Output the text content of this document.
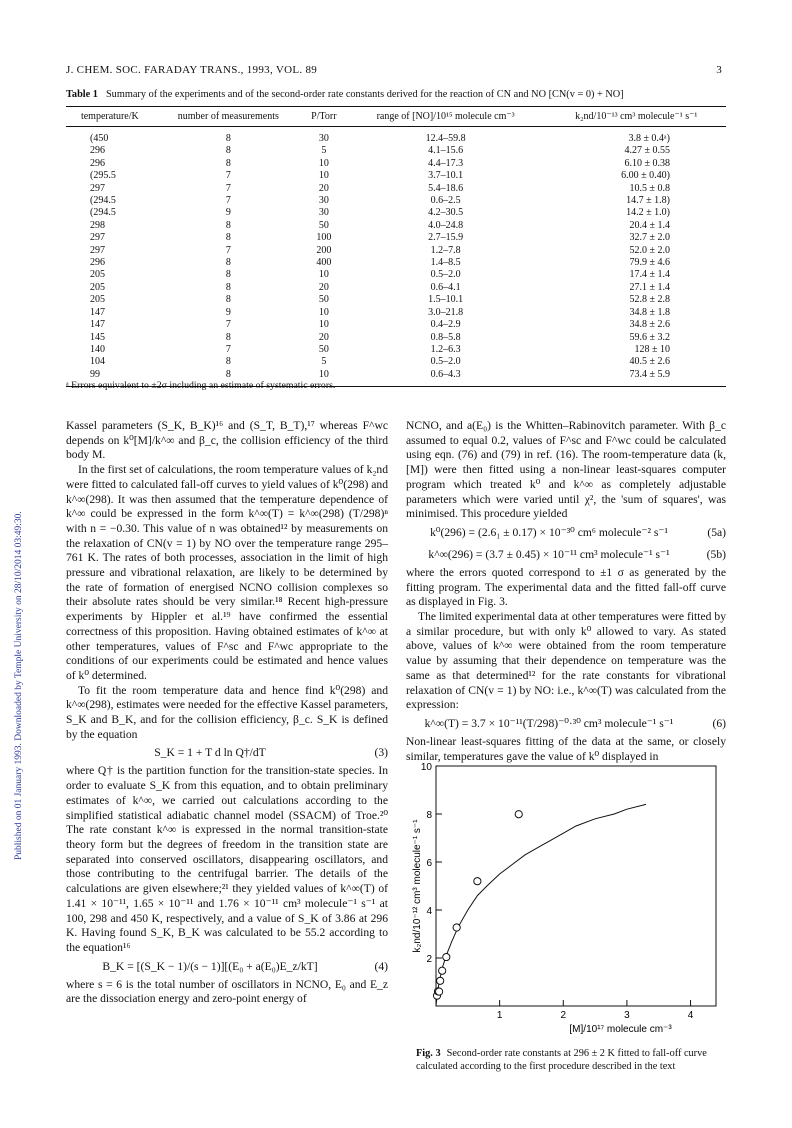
Published on 01 January 1993. Downloaded by Temple University on 28/10/2014 03:49:30.
J. CHEM. SOC. FARADAY TRANS., 1993, VOL. 89	3
Table 1 Summary of the experiments and of the second-order rate constants derived for the reaction of CN and NO [CN(v = 0) + NO]
temperature/K	number of measurements	P/Torr	range of [NO]/10¹⁵ molecule cm⁻³	k₂nd/10⁻¹³ cm³ molecule⁻¹ s⁻¹
(450	8	30	12.4–59.8	3.8 ± 0.4ᵃ)
296	8	5	4.1–15.6	4.27 ± 0.55
296	8	10	4.4–17.3	6.10 ± 0.38
(295.5	7	10	3.7–10.1	6.00 ± 0.40)
297	7	20	5.4–18.6	10.5 ± 0.8
(294.5	7	30	0.6–2.5	14.7 ± 1.8)
(294.5	9	30	4.2–30.5	14.2 ± 1.0)
298	8	50	4.0–24.8	20.4 ± 1.4
297	8	100	2.7–15.9	32.7 ± 2.0
297	7	200	1.2–7.8	52.0 ± 2.0
296	8	400	1.4–8.5	79.9 ± 4.6
205	8	10	0.5–2.0	17.4 ± 1.4
205	8	20	0.6–4.1	27.1 ± 1.4
205	8	50	1.5–10.1	52.8 ± 2.8
147	9	10	3.0–21.8	34.8 ± 1.8
147	7	10	0.4–2.9	34.8 ± 2.6
145	8	20	0.8–5.8	59.6 ± 3.2
140	7	50	1.2–6.3	128 ± 10
104	8	5	0.5–2.0	40.5 ± 2.6
99	8	10	0.6–4.3	73.4 ± 5.9
ᵃ Errors equivalent to ±2σ including an estimate of systematic errors.

Kassel parameters (S_K, B_K)¹⁶ and (S_T, B_T),¹⁷ whereas F^wc depends on k⁰[M]/k^∞ and β_c, the collision efficiency of the third body M.

In the first set of calculations, the room temperature values of k₂nd were fitted to calculated fall-off curves to yield values of k⁰(298) and k^∞(298). It was then assumed that the temperature dependence of k^∞ could be expressed in the form k^∞(T) = k^∞(298) (T/298)ⁿ with n = −0.30. This value of n was obtained¹² by measurements on the relaxation of CN(v = 1) by NO over the temperature range 295–761 K. The rates of both processes, association in the limit of high pressure and vibrational relaxation, are likely to be determined by the rate of formation of energised NCNO collision complexes so their absolute rates should be very similar.¹⁸ Recent high-pressure experiments by Hippler et al.¹⁹ have confirmed the essential correctness of this proposition. Having obtained estimates of k^∞ at other temperatures, values of F^sc and F^wc appropriate to the conditions of our experiments could be estimated and hence values of k⁰ determined.

To fit the room temperature data and hence find k⁰(298) and k^∞(298), estimates were needed for the effective Kassel parameters, S_K and B_K, and for the collision efficiency, β_c. S_K is defined by the equation

S_K = 1 + T d ln Q†/dT	(3)

where Q† is the partition function for the transition-state species. In order to evaluate S_K from this equation, and to obtain preliminary estimates of k^∞, we carried out calculations according to the simplified statistical adiabatic channel model (SSACM) of Troe.²⁰ The rate constant k^∞ is expressed in the normal transition-state theory form but the degrees of freedom in the transition state are separated into conserved oscillators, disappearing oscillators, and those contributing to the centrifugal barrier. The details of the calculations are given elsewhere;²¹ they yielded values of k^∞(T) of 1.41 × 10⁻¹¹, 1.65 × 10⁻¹¹ and 1.76 × 10⁻¹¹ cm³ molecule⁻¹ s⁻¹ at 100, 298 and 450 K, respectively, and a value of S_K of 3.86 at 296 K. Having found S_K, B_K was calculated to be 55.2 according to the equation¹⁶

B_K = [(S_K − 1)/(s − 1)][(E₀ + a(E₀)E_z/kT]	(4)

where s = 6 is the total number of oscillators in NCNO, E₀ and E_z are the dissociation energy and zero-point energy of

NCNO, and a(E₀) is the Whitten–Rabinovitch parameter. With β_c assumed to equal 0.2, values of F^sc and F^wc could be calculated using eqn. (76) and (79) in ref. (16). The room-temperature data (k, [M]) were then fitted using a non-linear least-squares computer program which treated k⁰ and k^∞ as completely adjustable parameters which were varied until χ², the 'sum of squares', was minimised. This procedure yielded

k⁰(296) = (2.6₁ ± 0.17) × 10⁻³⁰ cm⁶ molecule⁻² s⁻¹	(5a)
k^∞(296) = (3.7 ± 0.45) × 10⁻¹¹ cm³ molecule⁻¹ s⁻¹	(5b)

where the errors quoted correspond to ±1 σ as generated by the fitting program. The experimental data and the fitted fall-off curve as displayed in Fig. 3.

The limited experimental data at other temperatures were fitted by a similar procedure, but with only k⁰ allowed to vary. As stated above, values of k^∞ were obtained from the room temperature value by assuming that their dependence on temperature was the same as that determined¹² for the rate constants for vibrational relaxation of CN(v = 1) by NO: i.e., k^∞(T) was calculated from the expression:

k^∞(T) = 3.7 × 10⁻¹¹(T/298)⁻⁰·³⁰ cm³ molecule⁻¹ s⁻¹	(6)

Non-linear least-squares fitting of the data at the same, or closely similar, temperatures gave the value of k⁰ displayed in

1	2	3	4
2
4
6
8
10
[M]/10¹⁷ molecule cm⁻³
k₂nd/10⁻¹² cm³ molecule⁻¹ s⁻¹
Fig. 3 Second-order rate constants at 296 ± 2 K fitted to fall-off curve calculated according to the first procedure described in the text
